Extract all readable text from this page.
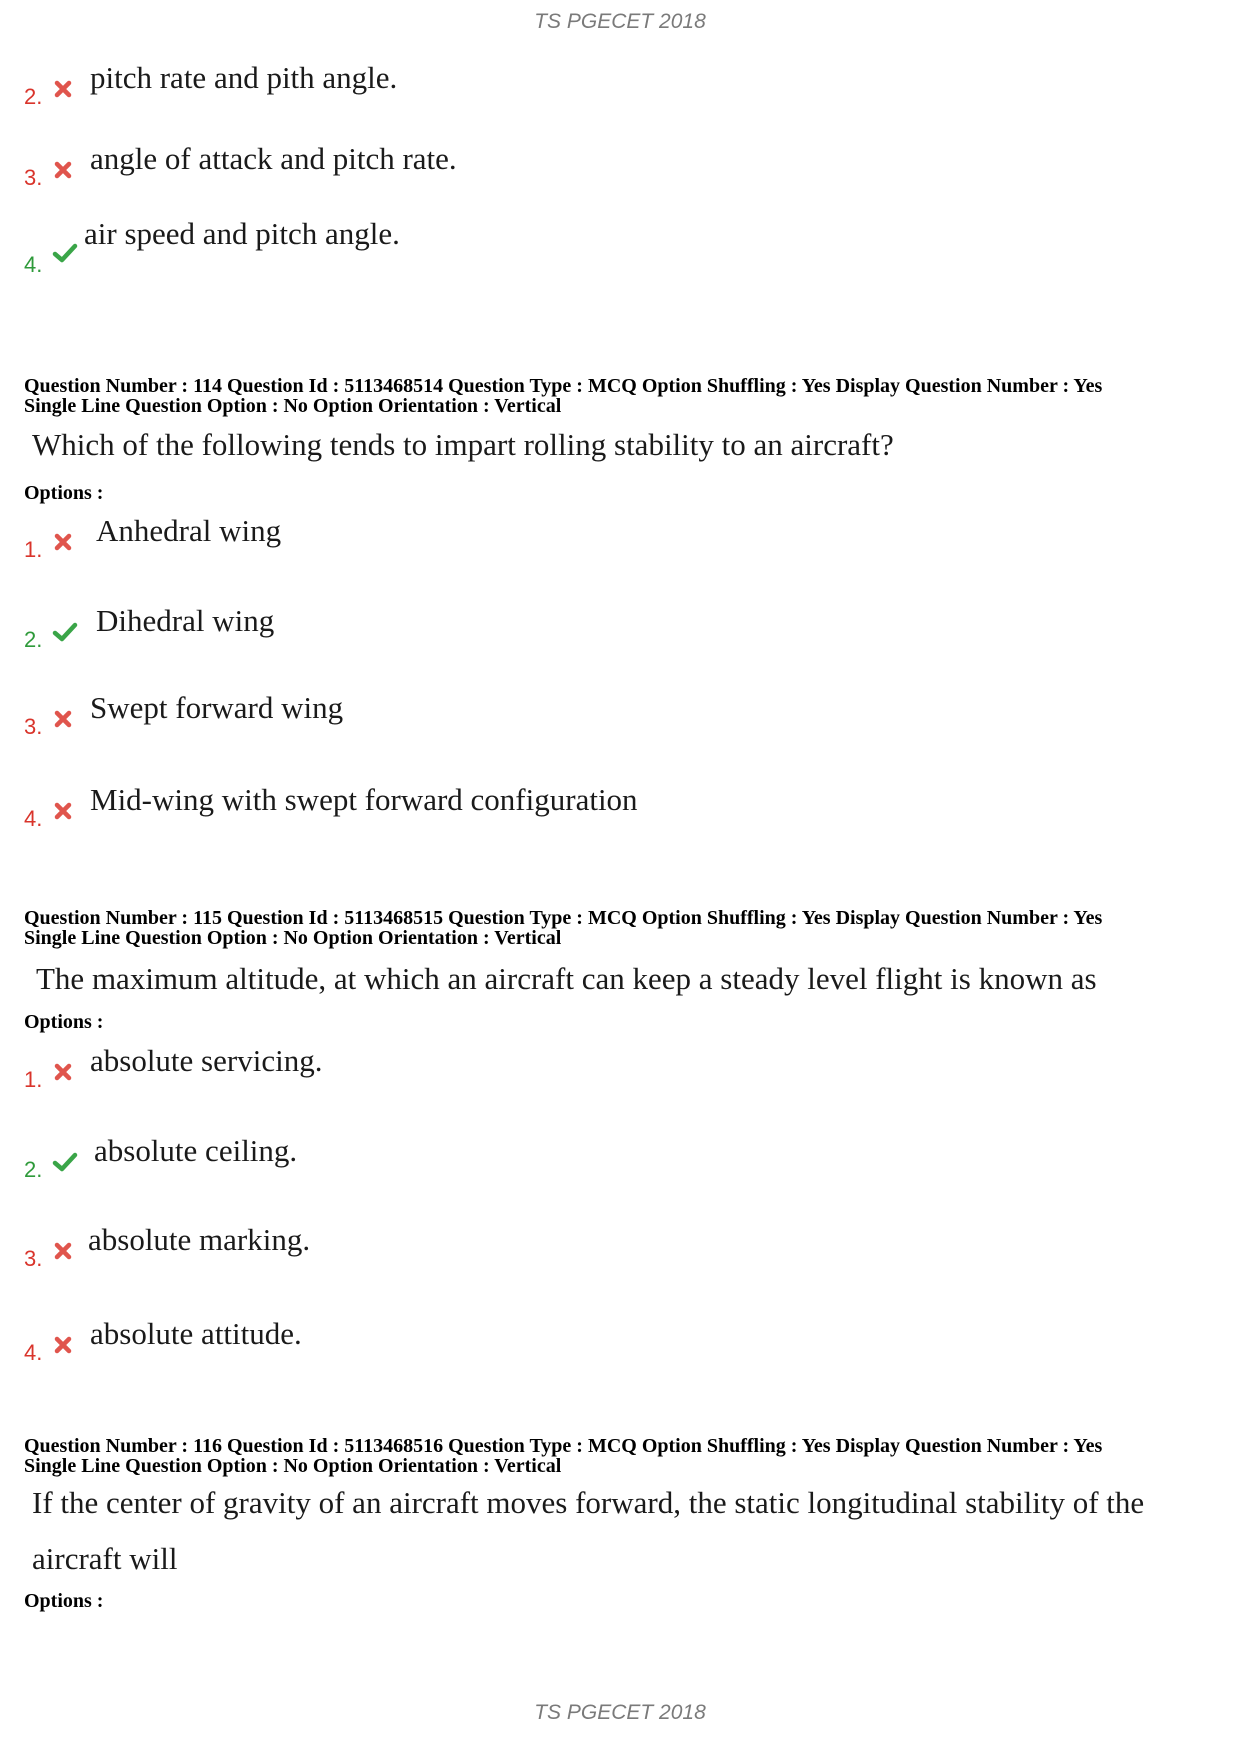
TS PGECET 2018
2.
pitch rate and pith angle.
3.
angle of attack and pitch rate.
4.
air speed and pitch angle.
Question Number : 114 Question Id : 5113468514 Question Type : MCQ Option Shuffling : Yes Display Question Number : Yes
Single Line Question Option : No Option Orientation : Vertical
Which of the following tends to impart rolling stability to an aircraft?
Options :
1.
Anhedral wing
2.
Dihedral wing
3.
Swept forward wing
4.
Mid-wing with swept forward configuration
Question Number : 115 Question Id : 5113468515 Question Type : MCQ Option Shuffling : Yes Display Question Number : Yes
Single Line Question Option : No Option Orientation : Vertical
The maximum altitude, at which an aircraft can keep a steady level flight is known as
Options :
1.
absolute servicing.
2.
absolute ceiling.
3.
absolute marking.
4.
absolute attitude.
Question Number : 116 Question Id : 5113468516 Question Type : MCQ Option Shuffling : Yes Display Question Number : Yes
Single Line Question Option : No Option Orientation : Vertical
If the center of gravity of an aircraft moves forward, the static longitudinal stability of the aircraft will
Options :
TS PGECET 2018
